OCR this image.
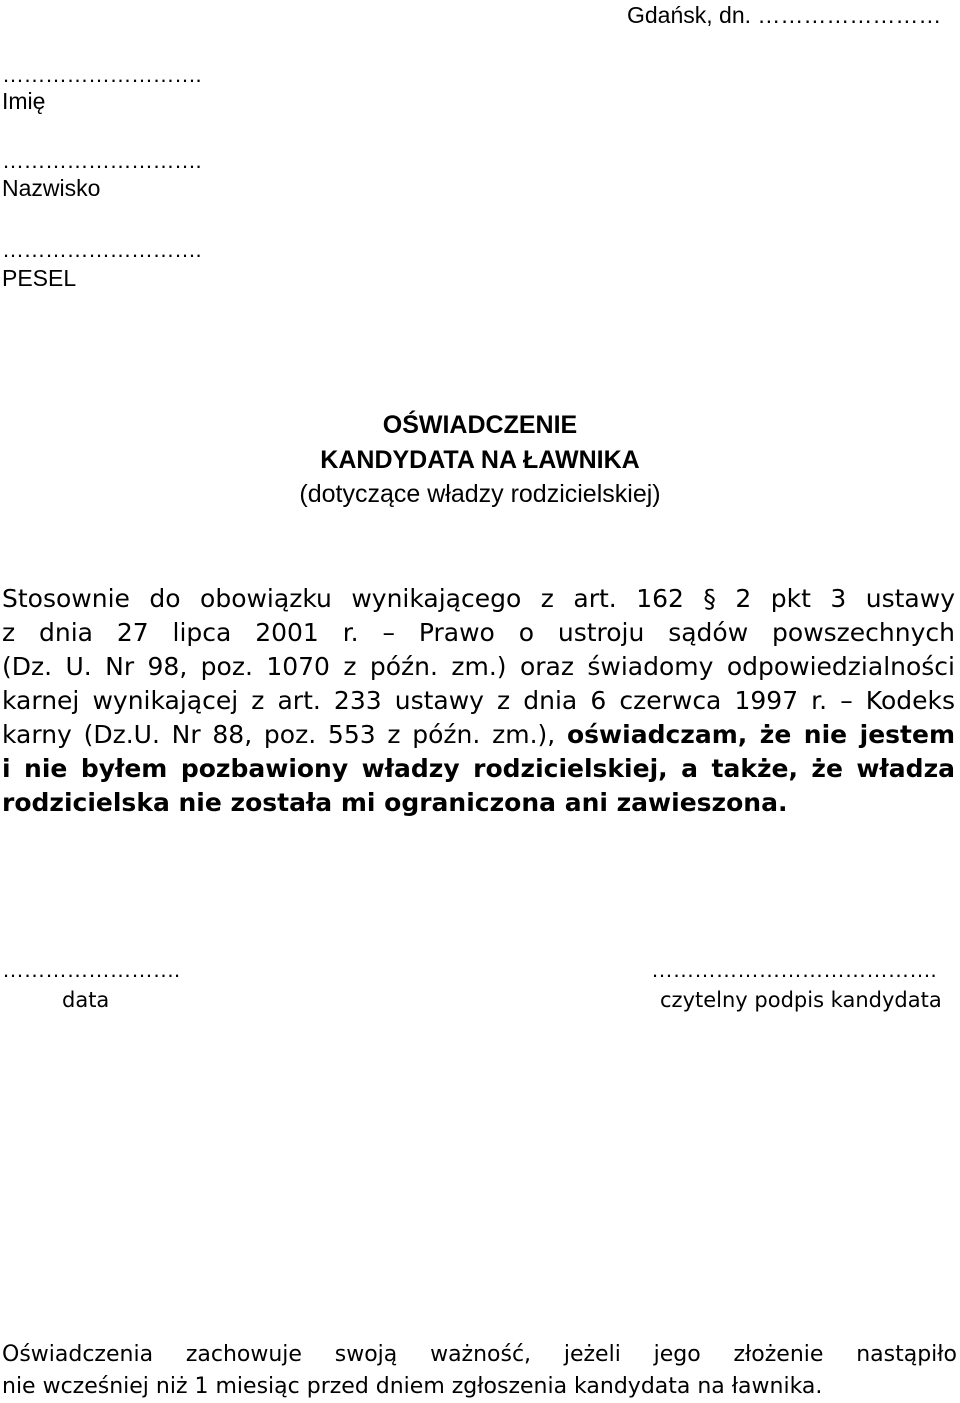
Gdańsk, dn. ……………………
……………………….
Imię
……………………….
Nazwisko
……………………….
PESEL
OŚWIADCZENIE
KANDYDATA NA ŁAWNIKA
(dotyczące władzy rodzicielskiej)
Stosownie do obowiązku wynikającego z art. 162 § 2 pkt 3 ustawy
z dnia 27 lipca 2001 r. – Prawo o ustroju sądów powszechnych
(Dz. U. Nr 98, poz. 1070 z późn. zm.) oraz świadomy odpowiedzialności
karnej wynikającej z art. 233 ustawy z dnia 6 czerwca 1997 r. – Kodeks
karny (Dz.U. Nr 88, poz. 553 z późn. zm.), oświadczam, że nie jestem
i nie byłem pozbawiony władzy rodzicielskiej, a także, że władza
rodzicielska nie została mi ograniczona ani zawieszona.
…………………….
data
………………………………….
czytelny podpis kandydata
Oświadczenia zachowuje swoją ważność, jeżeli jego złożenie nastąpiło
nie wcześniej niż 1 miesiąc przed dniem zgłoszenia kandydata na ławnika.
